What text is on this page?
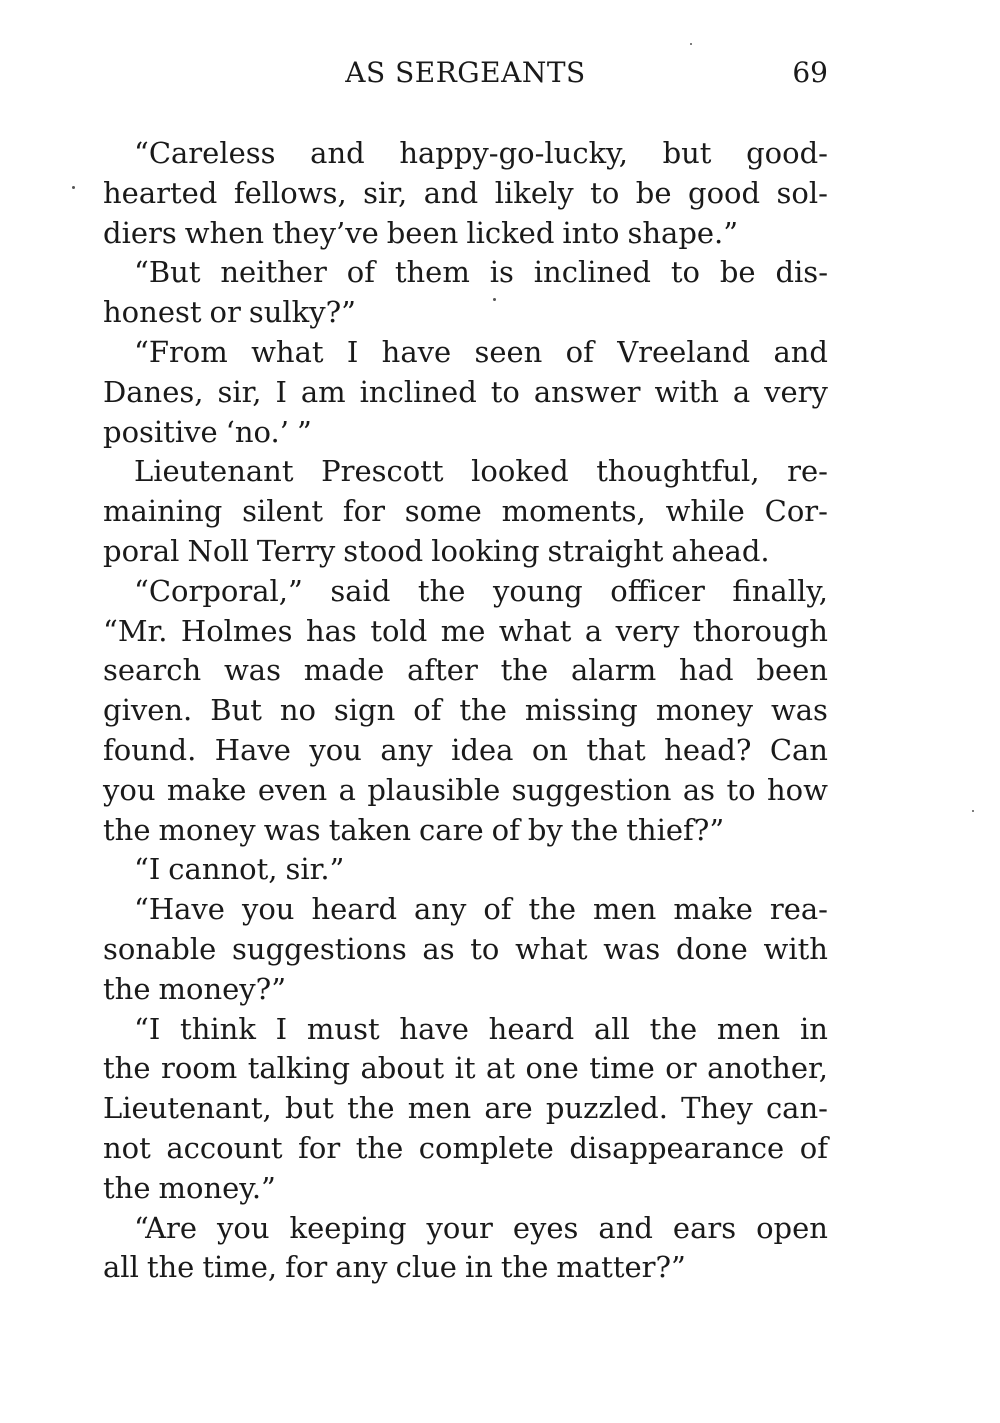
AS SERGEANTS	69
“Careless and happy-go-lucky, but good-
hearted fellows, sir, and likely to be good sol-
diers when they’ve been licked into shape.”
“But neither of them is inclined to be dis-
honest or sulky?”
“From what I have seen of Vreeland and
Danes, sir, I am inclined to answer with a very
positive ‘no.’ ”
Lieutenant Prescott looked thoughtful, re-
maining silent for some moments, while Cor-
poral Noll Terry stood looking straight ahead.
“Corporal,” said the young officer finally,
“Mr. Holmes has told me what a very thorough
search was made after the alarm had been
given. But no sign of the missing money was
found. Have you any idea on that head? Can
you make even a plausible suggestion as to how
the money was taken care of by the thief?”
“I cannot, sir.”
“Have you heard any of the men make rea-
sonable suggestions as to what was done with
the money?”
“I think I must have heard all the men in
the room talking about it at one time or another,
Lieutenant, but the men are puzzled. They can-
not account for the complete disappearance of
the money.”
“Are you keeping your eyes and ears open
all the time, for any clue in the matter?”
